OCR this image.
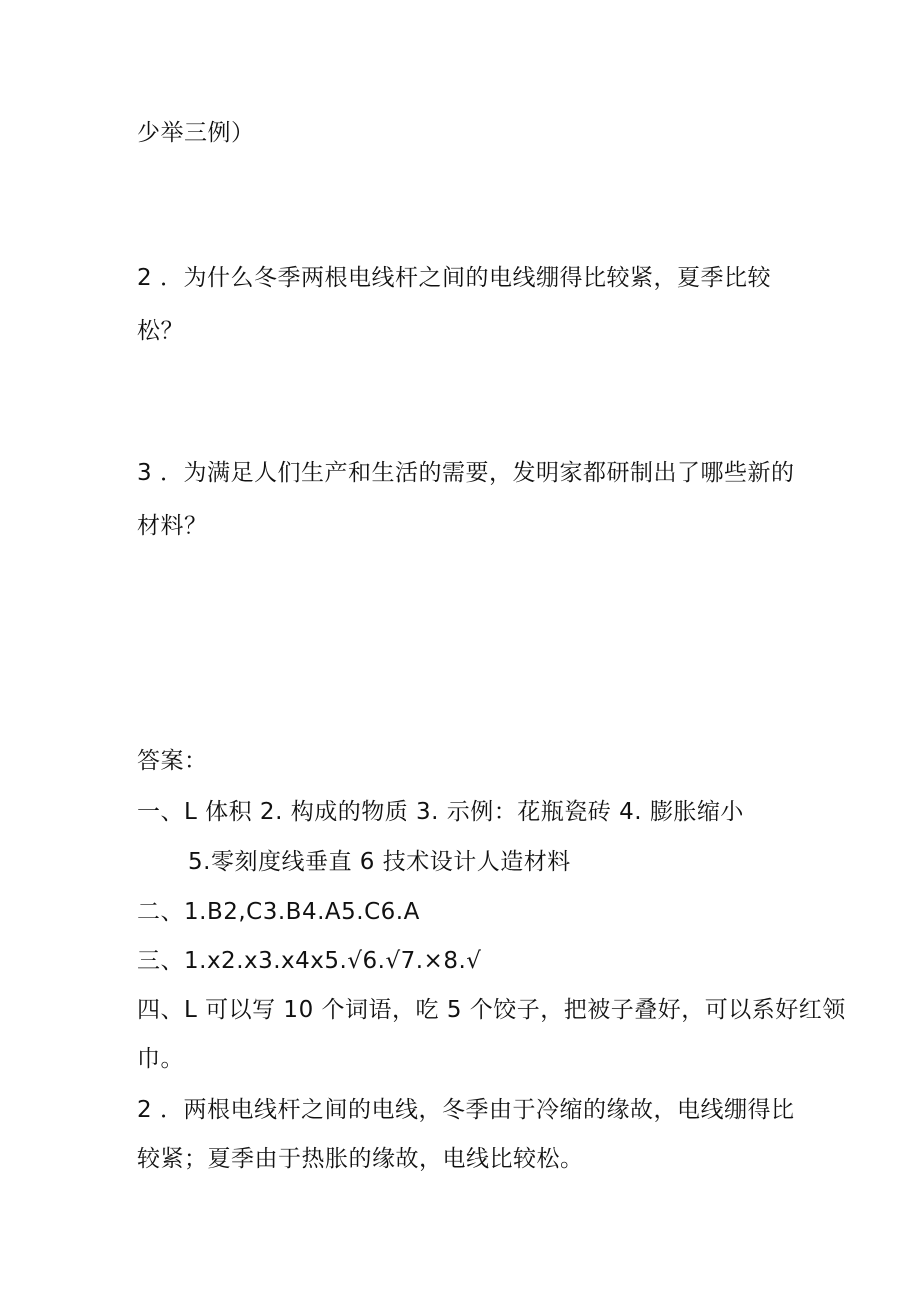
少举三例）
2 ．为什么冬季两根电线杆之间的电线绷得比较紧，夏季比较
松？
3 ．为满足人们生产和生活的需要，发明家都研制出了哪些新的
材料？
答案：
一、L 体积 2. 构成的物质 3. 示例：花瓶瓷砖 4. 膨胀缩小
5.零刻度线垂直 6 技术设计人造材料
二、1.B2,C3.B4.A5.C6.A
三、1.x2.x3.x4x5.√6.√7.×8.√
四、L 可以写 10 个词语，吃 5 个饺子，把被子叠好，可以系好红领
巾。
2 ．两根电线杆之间的电线，冬季由于冷缩的缘故，电线绷得比
较紧；夏季由于热胀的缘故，电线比较松。
